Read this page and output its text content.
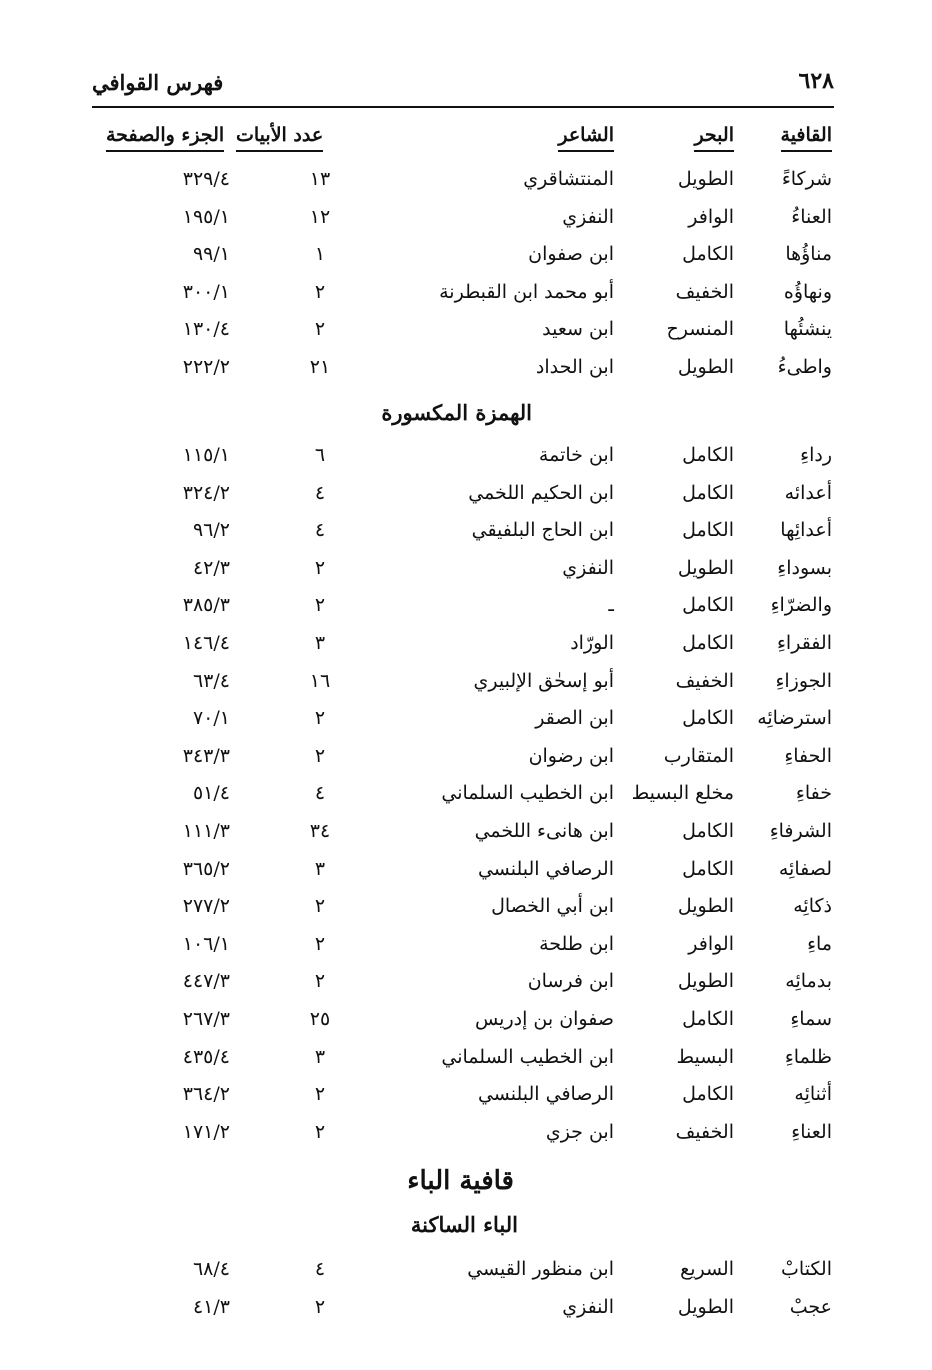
٦٢٨
فهرس القوافي
القافية
البحر
الشاعر
عدد الأبيات
الجزء والصفحة
شركاءً
الطويل
المنتشاقري
١٣
٣٢٩/٤
العناءُ
الوافر
النفزي
١٢
١٩٥/١
مناؤُها
الكامل
ابن صفوان
١
٩٩/١
ونهاؤُه
الخفيف
أبو محمد ابن القبطرنة
٢
٣٠٠/١
ينشئُها
المنسرح
ابن سعيد
٢
١٣٠/٤
واطىءُ
الطويل
ابن الحداد
٢١
٢٢٢/٢
الهمزة المكسورة
رداءِ
الكامل
ابن خاتمة
٦
١١٥/١
أعدائه
الكامل
ابن الحكيم اللخمي
٤
٣٢٤/٢
أعدائِها
الكامل
ابن الحاج البلفيقي
٤
٩٦/٢
بسوداءِ
الطويل
النفزي
٢
٤٢/٣
والضرّاءِ
الكامل
ـ
٢
٣٨٥/٣
الفقراءِ
الكامل
الورّاد
٣
١٤٦/٤
الجوزاءِ
الخفيف
أبو إسحٰق الإلبيري
١٦
٦٣/٤
استرضائِه
الكامل
ابن الصقر
٢
٧٠/١
الحفاءِ
المتقارب
ابن رضوان
٢
٣٤٣/٣
خفاءِ
مخلع البسيط
ابن الخطيب السلماني
٤
٥١/٤
الشرفاءِ
الكامل
ابن هانىء اللخمي
٣٤
١١١/٣
لصفائِه
الكامل
الرصافي البلنسي
٣
٣٦٥/٢
ذكائِه
الطويل
ابن أبي الخصال
٢
٢٧٧/٢
ماءِ
الوافر
ابن طلحة
٢
١٠٦/١
بدمائِه
الطويل
ابن فرسان
٢
٤٤٧/٣
سماءِ
الكامل
صفوان بن إدريس
٢٥
٢٦٧/٣
ظلماءِ
البسيط
ابن الخطيب السلماني
٣
٤٣٥/٤
أثنائِه
الكامل
الرصافي البلنسي
٢
٣٦٤/٢
العناءِ
الخفيف
ابن جزي
٢
١٧١/٢
قافية الباء
الباء الساكنة
الكتابْ
السريع
ابن منظور القيسي
٤
٦٨/٤
عجبْ
الطويل
النفزي
٢
٤١/٣
